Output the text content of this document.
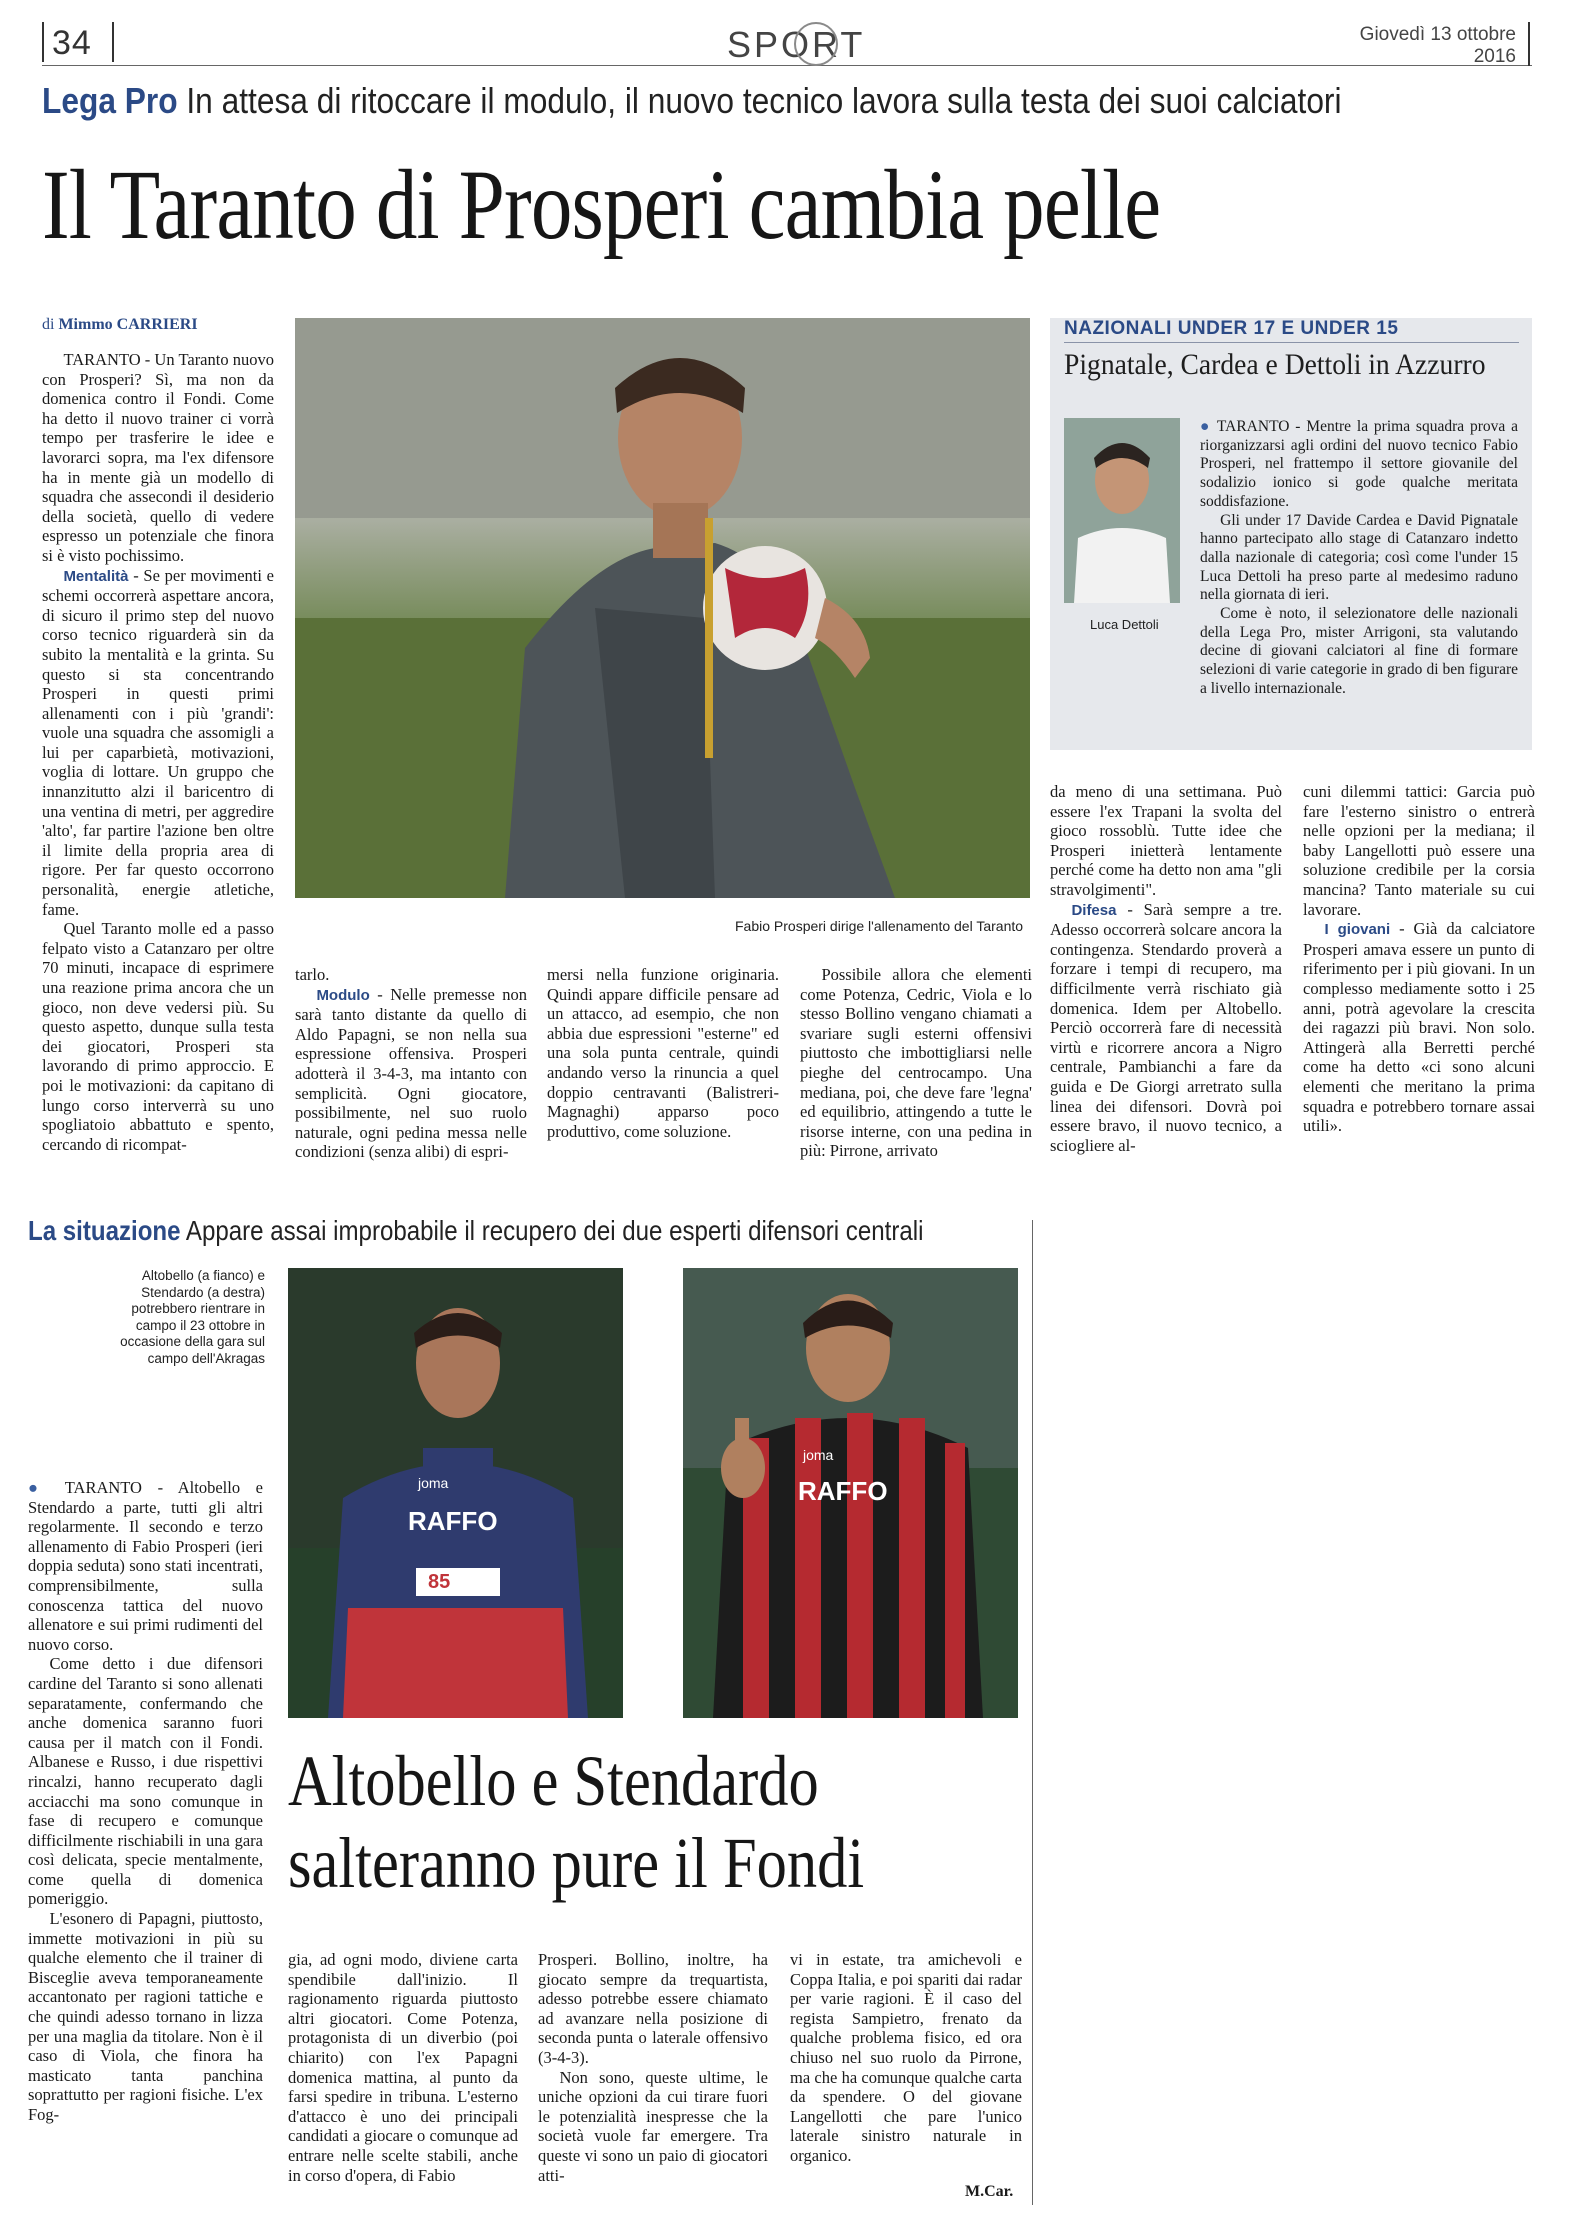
34	SPORT	Giovedì 13 ottobre
2016
Lega Pro In attesa di ritoccare il modulo, il nuovo tecnico lavora sulla testa dei suoi calciatori
Il Taranto di Prosperi cambia pelle
di Mimmo CARRIERI
Fabio Prosperi dirige l'allenamento del Taranto

TARANTO - Un Taranto nuovo con Prosperi? Sì, ma non da domenica contro il Fondi. Come ha detto il nuovo trainer ci vorrà tempo per trasferire le idee e lavorarci sopra, ma l'ex difensore ha in mente già un modello di squadra che assecondi il desiderio della società, quello di vedere espresso un potenziale che finora si è visto pochissimo.

Mentalità - Se per movimenti e schemi occorrerà aspettare ancora, di sicuro il primo step del nuovo corso tecnico riguarderà sin da subito la mentalità e la grinta. Su questo si sta concentrando Prosperi in questi primi allenamenti con i più 'grandi': vuole una squadra che assomigli a lui per caparbietà, motivazioni, voglia di lottare. Un gruppo che innanzitutto alzi il baricentro di una ventina di metri, per aggredire 'alto', far partire l'azione ben oltre il limite della propria area di rigore. Per far questo occorrono personalità, energie atletiche, fame.

Quel Taranto molle ed a passo felpato visto a Catanzaro per oltre 70 minuti, incapace di esprimere una reazione prima ancora che un gioco, non deve vedersi più. Su questo aspetto, dunque sulla testa dei giocatori, Prosperi sta lavorando di primo approccio. E poi le motivazioni: da capitano di lungo corso interverrà su uno spogliatoio abbattuto e spento, cercando di ricompat-

tarlo.

Modulo - Nelle premesse non sarà tanto distante da quello di Aldo Papagni, se non nella sua espressione offensiva. Prosperi adotterà il 3-4-3, ma intanto con semplicità. Ogni giocatore, possibilmente, nel suo ruolo naturale, ogni pedina messa nelle condizioni (senza alibi) di espri-

mersi nella funzione originaria. Quindi appare difficile pensare ad un attacco, ad esempio, che non abbia due espressioni "esterne" ed una sola punta centrale, quindi andando verso la rinuncia a quel doppio centravanti (Balistreri-Magnaghi) apparso poco produttivo, come soluzione.

Possibile allora che elementi come Potenza, Cedric, Viola e lo stesso Bollino vengano chiamati a svariare sugli esterni offensivi piuttosto che imbottigliarsi nelle pieghe del centrocampo. Una mediana, poi, che deve fare 'legna' ed equilibrio, attingendo a tutte le risorse interne, con una pedina in più: Pirrone, arrivato

da meno di una settimana. Può essere l'ex Trapani la svolta del gioco rossoblù. Tutte idee che Prosperi inietterà lentamente perché come ha detto non ama "gli stravolgimenti".

Difesa - Sarà sempre a tre. Adesso occorrerà solcare ancora la contingenza. Stendardo proverà a forzare i tempi di recupero, ma difficilmente verrà rischiato già domenica. Idem per Altobello. Perciò occorrerà fare di necessità virtù e ricorrere ancora a Nigro centrale, Pambianchi a fare da guida e De Giorgi arretrato sulla linea dei difensori. Dovrà poi essere bravo, il nuovo tecnico, a sciogliere al-

cuni dilemmi tattici: Garcia può fare l'esterno sinistro o entrerà nelle opzioni per la mediana; il baby Langellotti può essere una soluzione credibile per la corsia mancina? Tanto materiale su cui lavorare.

I giovani - Già da calciatore Prosperi amava essere un punto di riferimento per i più giovani. In un complesso mediamente sotto i 25 anni, potrà agevolare la crescita dei ragazzi più bravi. Non solo. Attingerà alla Berretti perché come ha detto «ci sono alcuni elementi che meritano la prima squadra e potrebbero tornare assai utili».

NAZIONALI UNDER 17 E UNDER 15
Pignatale, Cardea e Dettoli in Azzurro
Luca Dettoli

● TARANTO - Mentre la prima squadra prova a riorganizzarsi agli ordini del nuovo tecnico Fabio Prosperi, nel frattempo il settore giovanile del sodalizio ionico si gode qualche meritata soddisfazione.

Gli under 17 Davide Cardea e David Pignatale hanno partecipato allo stage di Catanzaro indetto dalla nazionale di categoria; così come l'under 15 Luca Dettoli ha preso parte al medesimo raduno nella giornata di ieri.

Come è noto, il selezionatore delle nazionali della Lega Pro, mister Arrigoni, sta valutando decine di giovani calciatori al fine di formare selezioni di varie categorie in grado di ben figurare a livello internazionale.

La situazione Appare assai improbabile il recupero dei due esperti difensori centrali
Altobello (a fianco) e Stendardo (a destra) potrebbero rientrare in campo il 23 ottobre in occasione della gara sul campo dell'Akragas
85
RAFFO
joma	RAFFO
joma

● TARANTO - Altobello e Stendardo a parte, tutti gli altri regolarmente. Il secondo e terzo allenamento di Fabio Prosperi (ieri doppia seduta) sono stati incentrati, comprensibilmente, sulla conoscenza tattica del nuovo allenatore e sui primi rudimenti del nuovo corso.

Come detto i due difensori cardine del Taranto si sono allenati separatamente, confermando che anche domenica saranno fuori causa per il match con il Fondi. Albanese e Russo, i due rispettivi rincalzi, hanno recuperato dagli acciacchi ma sono comunque in fase di recupero e comunque difficilmente rischiabili in una gara così delicata, specie mentalmente, come quella di domenica pomeriggio.

L'esonero di Papagni, piuttosto, immette motivazioni in più su qualche elemento che il trainer di Bisceglie aveva temporaneamente accantonato per ragioni tattiche e che quindi adesso tornano in lizza per una maglia da titolare. Non è il caso di Viola, che finora ha masticato tanta panchina soprattutto per ragioni fisiche. L'ex Fog-

Altobello e Stendardo
salteranno pure il Fondi

gia, ad ogni modo, diviene carta spendibile dall'inizio. Il ragionamento riguarda piuttosto altri giocatori. Come Potenza, protagonista di un diverbio (poi chiarito) con l'ex Papagni domenica mattina, al punto da farsi spedire in tribuna. L'esterno d'attacco è uno dei principali candidati a giocare o comunque ad entrare nelle scelte stabili, anche in corso d'opera, di Fabio

Prosperi. Bollino, inoltre, ha giocato sempre da trequartista, adesso potrebbe essere chiamato ad avanzare nella posizione di seconda punta o laterale offensivo (3-4-3).

Non sono, queste ultime, le uniche opzioni da cui tirare fuori le potenzialità inespresse che la società vuole far emergere. Tra queste vi sono un paio di giocatori atti-

vi in estate, tra amichevoli e Coppa Italia, e poi spariti dai radar per varie ragioni. È il caso del regista Sampietro, frenato da qualche problema fisico, ed ora chiuso nel suo ruolo da Pirrone, ma che ha comunque qualche carta da spendere. O del giovane Langellotti che pare l'unico laterale sinistro naturale in organico.

M.Car.
